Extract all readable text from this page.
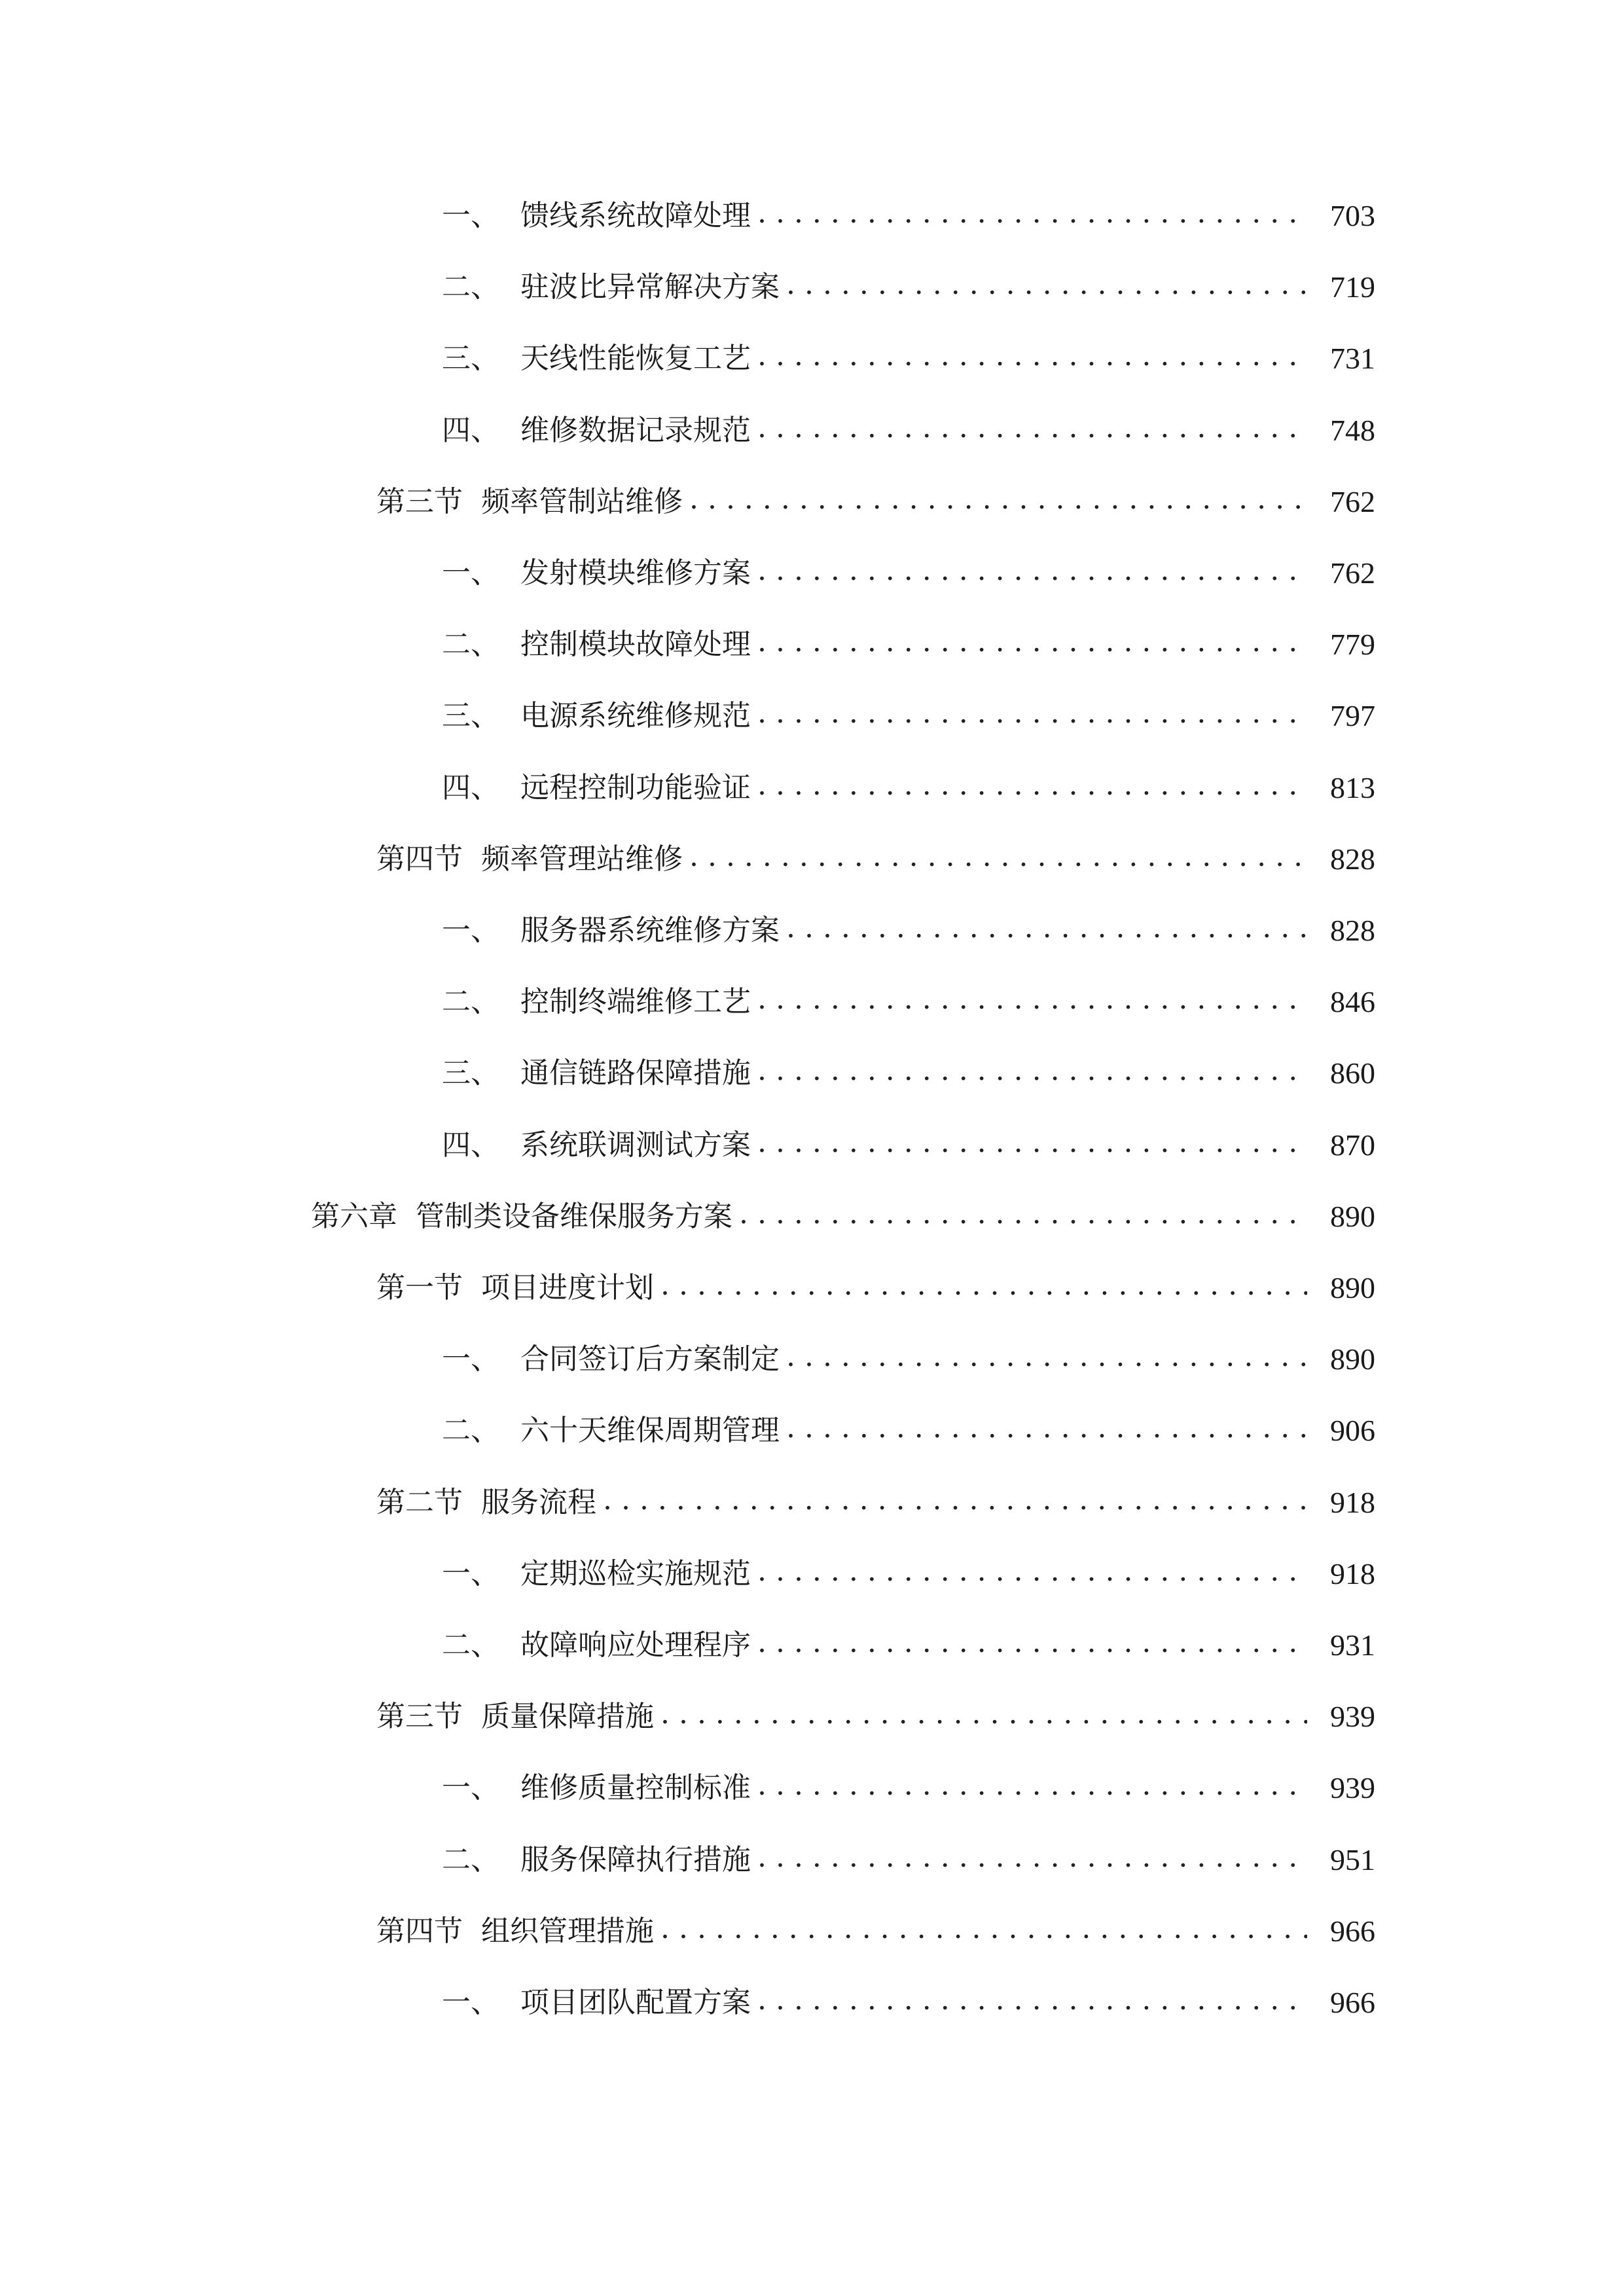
一、 馈线系统故障处理 . . .	703
二、 驻波比异常解决方案 . . .	719
三、 天线性能恢复工艺 . . .	731
四、 维修数据记录规范 . . .	748
第三节 频率管制站维修 . . .	762
一、 发射模块维修方案 . . .	762
二、 控制模块故障处理 . . .	779
三、 电源系统维修规范 . . .	797
四、 远程控制功能验证 . . .	813
第四节 频率管理站维修 . . .	828
一、 服务器系统维修方案 . . .	828
二、 控制终端维修工艺 . . .	846
三、 通信链路保障措施 . . .	860
四、 系统联调测试方案 . . .	870
第六章 管制类设备维保服务方案 . . .	890
第一节 项目进度计划 . . .	890
一、 合同签订后方案制定 . . .	890
二、 六十天维保周期管理 . . .	906
第二节 服务流程 . . .	918
一、 定期巡检实施规范 . . .	918
二、 故障响应处理程序 . . .	931
第三节 质量保障措施 . . .	939
一、 维修质量控制标准 . . .	939
二、 服务保障执行措施 . . .	951
第四节 组织管理措施 . . .	966
一、 项目团队配置方案 . . .	966
